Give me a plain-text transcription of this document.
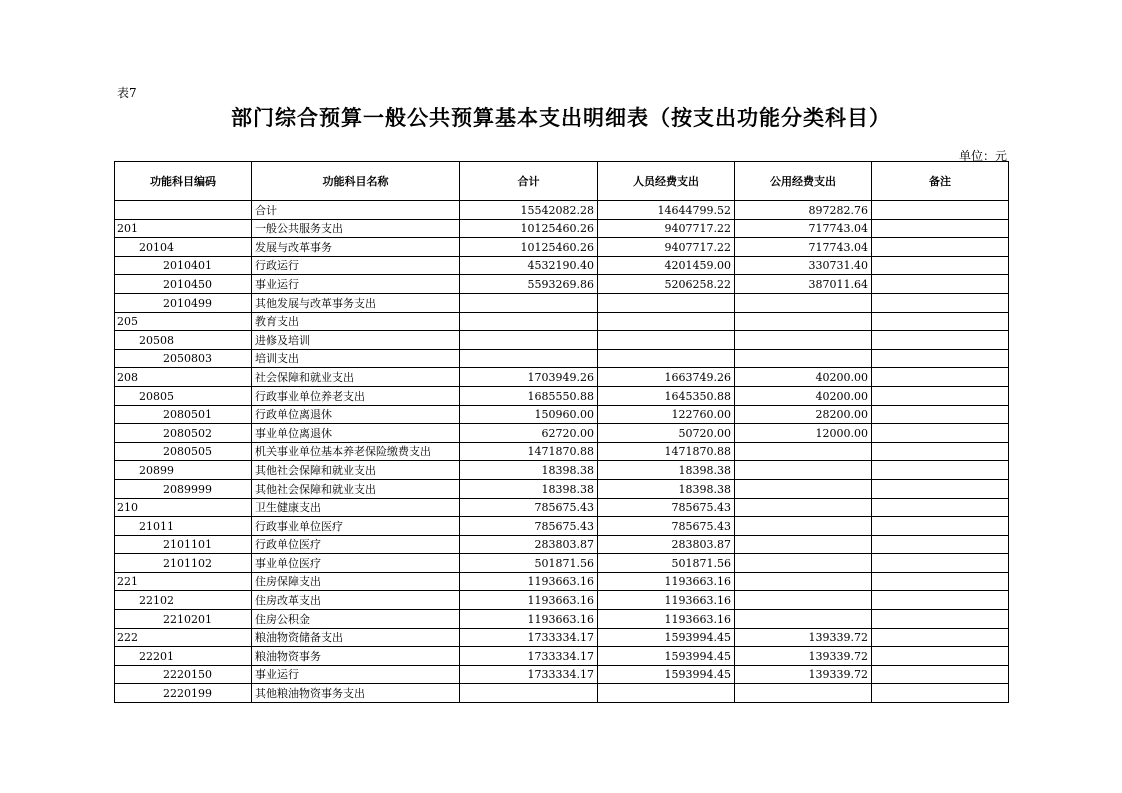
表7
部门综合预算一般公共预算基本支出明细表（按支出功能分类科目）
单位：元
功能科目编码	功能科目名称	合计	人员经费支出	公用经费支出	备注
	合计	15542082.28	14644799.52	897282.76	
201	一般公共服务支出	10125460.26	9407717.22	717743.04	
20104	发展与改革事务	10125460.26	9407717.22	717743.04	
2010401	行政运行	4532190.40	4201459.00	330731.40	
2010450	事业运行	5593269.86	5206258.22	387011.64	
2010499	其他发展与改革事务支出				
205	教育支出				
20508	进修及培训				
2050803	培训支出				
208	社会保障和就业支出	1703949.26	1663749.26	40200.00	
20805	行政事业单位养老支出	1685550.88	1645350.88	40200.00	
2080501	行政单位离退休	150960.00	122760.00	28200.00	
2080502	事业单位离退休	62720.00	50720.00	12000.00	
2080505	机关事业单位基本养老保险缴费支出	1471870.88	1471870.88		
20899	其他社会保障和就业支出	18398.38	18398.38		
2089999	其他社会保障和就业支出	18398.38	18398.38		
210	卫生健康支出	785675.43	785675.43		
21011	行政事业单位医疗	785675.43	785675.43		
2101101	行政单位医疗	283803.87	283803.87		
2101102	事业单位医疗	501871.56	501871.56		
221	住房保障支出	1193663.16	1193663.16		
22102	住房改革支出	1193663.16	1193663.16		
2210201	住房公积金	1193663.16	1193663.16		
222	粮油物资储备支出	1733334.17	1593994.45	139339.72	
22201	粮油物资事务	1733334.17	1593994.45	139339.72	
2220150	事业运行	1733334.17	1593994.45	139339.72	
2220199	其他粮油物资事务支出				
